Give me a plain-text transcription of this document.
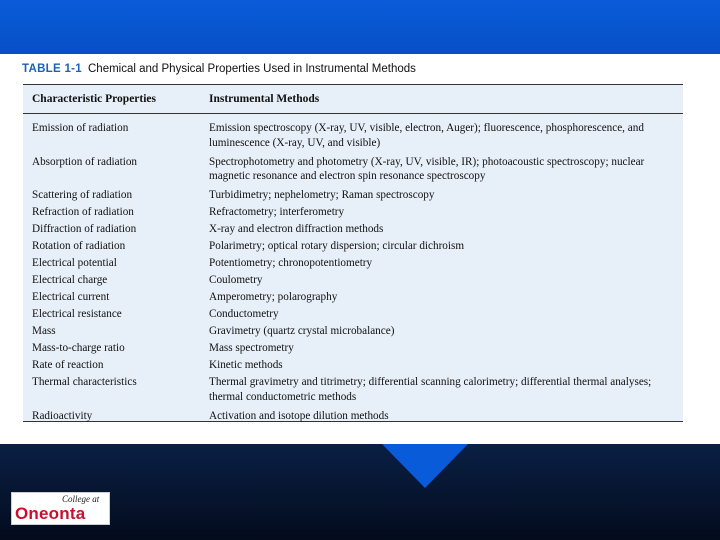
TABLE 1-1 Chemical and Physical Properties Used in Instrumental Methods
Characteristic Properties	Instrumental Methods
Emission of radiation	Emission spectroscopy (X-ray, UV, visible, electron, Auger); fluorescence, phosphorescence, and luminescence (X-ray, UV, and visible)
Absorption of radiation	Spectrophotometry and photometry (X-ray, UV, visible, IR); photoacoustic spectroscopy; nuclear magnetic resonance and electron spin resonance spectroscopy
Scattering of radiation	Turbidimetry; nephelometry; Raman spectroscopy
Refraction of radiation	Refractometry; interferometry
Diffraction of radiation	X-ray and electron diffraction methods
Rotation of radiation	Polarimetry; optical rotary dispersion; circular dichroism
Electrical potential	Potentiometry; chronopotentiometry
Electrical charge	Coulometry
Electrical current	Amperometry; polarography
Electrical resistance	Conductometry
Mass	Gravimetry (quartz crystal microbalance)
Mass-to-charge ratio	Mass spectrometry
Rate of reaction	Kinetic methods
Thermal characteristics	Thermal gravimetry and titrimetry; differential scanning calorimetry; differential thermal analyses; thermal conductometric methods
Radioactivity	Activation and isotope dilution methods
College at
Oneonta
